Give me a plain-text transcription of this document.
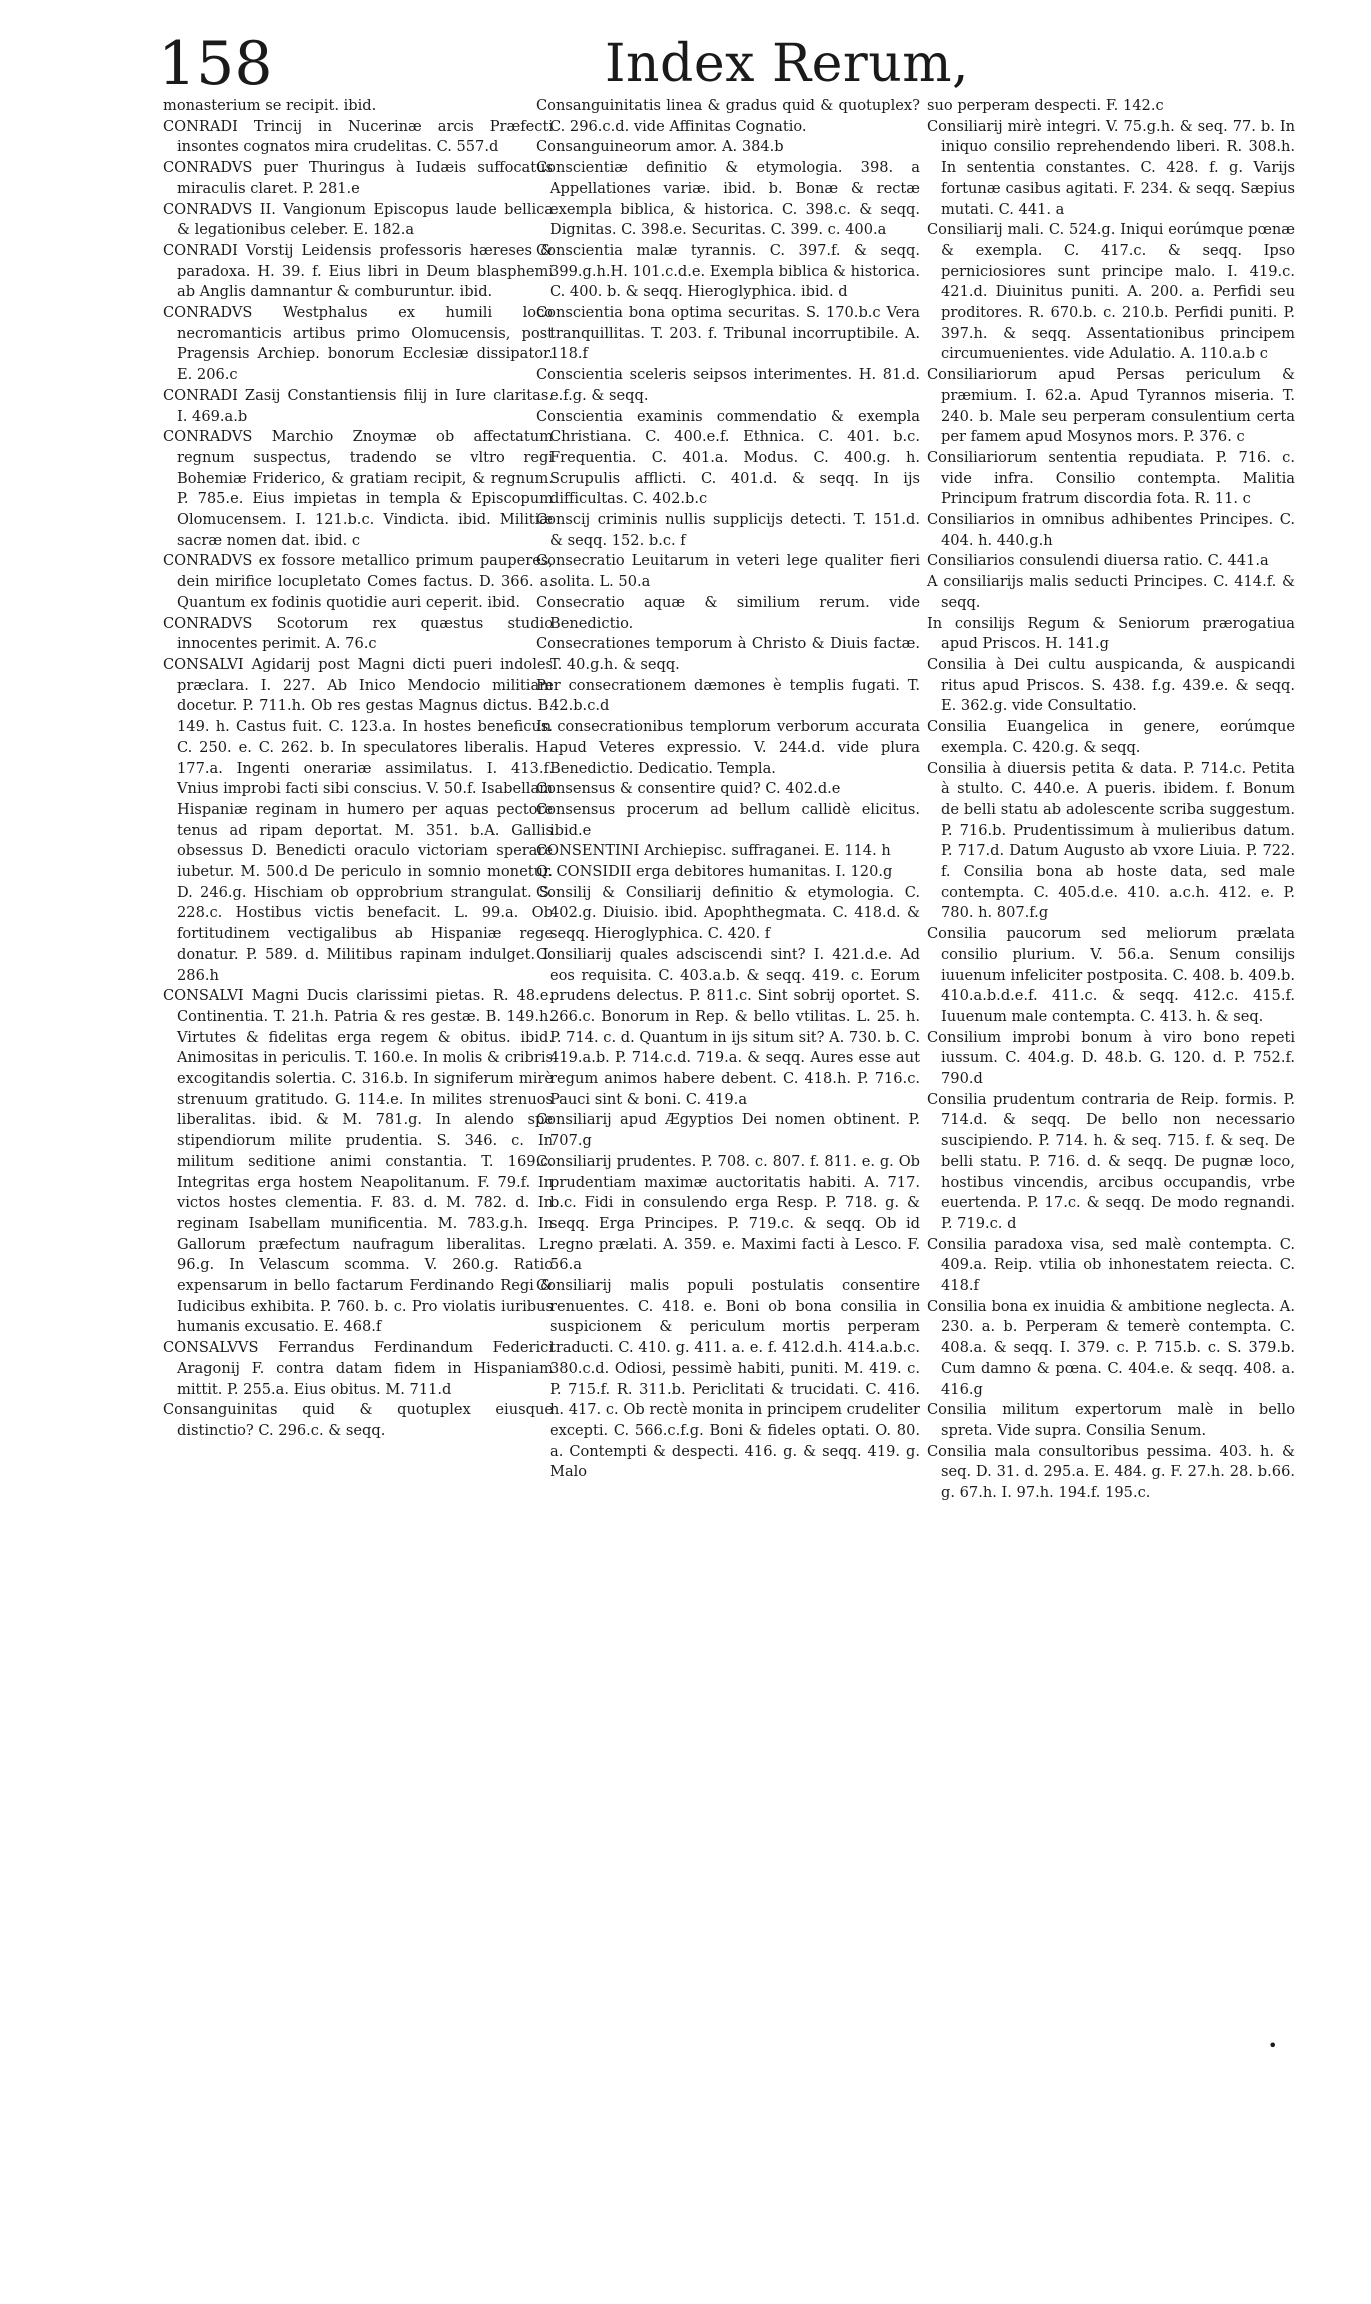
158	Index Rerum,

monasterium se recipit. ibid.

CONRADI Trincij in Nucerinæ arcis Præfecti insontes cognatos mira crudelitas. C. 557.d

CONRADVS puer Thuringus à Iudæis suffocatus miraculis claret. P. 281.e

CONRADVS II. Vangionum Episcopus laude bellica & legationibus celeber. E. 182.a

CONRADI Vorstij Leidensis professoris hæreses & paradoxa. H. 39. f. Eius libri in Deum blasphemi ab Anglis damnantur & comburuntur. ibid.

CONRADVS Westphalus ex humili loco necromanticis artibus primo Olomucensis, post Pragensis Archiep. bonorum Ecclesiæ dissipator. E. 206.c

CONRADI Zasij Constantiensis filij in Iure claritas. I. 469.a.b

CONRADVS Marchio Znoymæ ob affectatum regnum suspectus, tradendo se vltro regi Bohemiæ Friderico, & gratiam recipit, & regnum. P. 785.e. Eius impietas in templa & Episcopum Olomucensem. I. 121.b.c. Vindicta. ibid. Militiæ sacræ nomen dat. ibid. c

CONRADVS ex fossore metallico primum pauperes, dein mirifice locupletato Comes factus. D. 366. a. Quantum ex fodinis quotidie auri ceperit. ibid.

CONRADVS Scotorum rex quæstus studio innocentes perimit. A. 76.c

CONSALVI Agidarij post Magni dicti pueri indoles præclara. I. 227. Ab Inico Mendocio militiam docetur. P. 711.h. Ob res gestas Magnus dictus. B. 149. h. Castus fuit. C. 123.a. In hostes beneficus. C. 250. e. C. 262. b. In speculatores liberalis. H. 177.a. Ingenti onerariæ assimilatus. I. 413.f. Vnius improbi facti sibi conscius. V. 50.f. Isabellam Hispaniæ reginam in humero per aquas pectore tenus ad ripam deportat. M. 351. b.A. Gallis obsessus D. Benedicti oraculo victoriam sperare iubetur. M. 500.d De periculo in somnio monetur. D. 246.g. Hischiam ob opprobrium strangulat. S. 228.c. Hostibus victis benefacit. L. 99.a. Ob fortitudinem vectigalibus ab Hispaniæ rege donatur. P. 589. d. Militibus rapinam indulget. I. 286.h

CONSALVI Magni Ducis clarissimi pietas. R. 48.e. Continentia. T. 21.h. Patria & res gestæ. B. 149.h. Virtutes & fidelitas erga regem & obitus. ibid. Animositas in periculis. T. 160.e. In molis & cribris excogitandis solertia. C. 316.b. In signiferum mirè strenuum gratitudo. G. 114.e. In milites strenuos liberalitas. ibid. & M. 781.g. In alendo spe stipendiorum milite prudentia. S. 346. c. In militum seditione animi constantia. T. 169.c. Integritas erga hostem Neapolitanum. F. 79.f. In victos hostes clementia. F. 83. d. M. 782. d. In reginam Isabellam munificentia. M. 783.g.h. In Gallorum præfectum naufragum liberalitas. L. 96.g. In Velascum scomma. V. 260.g. Ratio expensarum in bello factarum Ferdinando Regi & Iudicibus exhibita. P. 760. b. c. Pro violatis iuribus humanis excusatio. E. 468.f

CONSALVVS Ferrandus Ferdinandum Federici Aragonij F. contra datam fidem in Hispaniam mittit. P. 255.a. Eius obitus. M. 711.d

Consanguinitas quid & quotuplex eiusque distinctio? C. 296.c. & seqq.

Consanguinitatis linea & gradus quid & quotuplex? C. 296.c.d. vide Affinitas Cognatio.

Consanguineorum amor. A. 384.b

Conscientiæ definitio & etymologia. 398. a Appellationes variæ. ibid. b. Bonæ & rectæ exempla biblica, & historica. C. 398.c. & seqq. Dignitas. C. 398.e. Securitas. C. 399. c. 400.a

Conscientia malæ tyrannis. C. 397.f. & seqq. 399.g.h.H. 101.c.d.e. Exempla biblica & historica. C. 400. b. & seqq. Hieroglyphica. ibid. d

Conscientia bona optima securitas. S. 170.b.c Vera tranquillitas. T. 203. f. Tribunal incorruptibile. A. 118.f

Conscientia sceleris seipsos interimentes. H. 81.d. e.f.g. & seqq.

Conscientia examinis commendatio & exempla Christiana. C. 400.e.f. Ethnica. C. 401. b.c. Frequentia. C. 401.a. Modus. C. 400.g. h. Scrupulis afflicti. C. 401.d. & seqq. In ijs difficultas. C. 402.b.c

Conscij criminis nullis supplicijs detecti. T. 151.d. & seqq. 152. b.c. f

Consecratio Leuitarum in veteri lege qualiter fieri solita. L. 50.a

Consecratio aquæ & similium rerum. vide Benedictio.

Consecrationes temporum à Christo & Diuis factæ. T. 40.g.h. & seqq.

Per consecrationem dæmones è templis fugati. T. 42.b.c.d

In consecrationibus templorum verborum accurata apud Veteres expressio. V. 244.d. vide plura Benedictio. Dedicatio. Templa.

Consensus & consentire quid? C. 402.d.e

Consensus procerum ad bellum callidè elicitus. ibid.e

CONSENTINI Archiepisc. suffraganei. E. 114. h

Q. CONSIDII erga debitores humanitas. I. 120.g

Consilij & Consiliarij definitio & etymologia. C. 402.g. Diuisio. ibid. Apophthegmata. C. 418.d. & seqq. Hieroglyphica. C. 420. f

Consiliarij quales adsciscendi sint? I. 421.d.e. Ad eos requisita. C. 403.a.b. & seqq. 419. c. Eorum prudens delectus. P. 811.c. Sint sobrij oportet. S. 266.c. Bonorum in Rep. & bello vtilitas. L. 25. h. P. 714. c. d. Quantum in ijs situm sit? A. 730. b. C. 419.a.b. P. 714.c.d. 719.a. & seqq. Aures esse aut regum animos habere debent. C. 418.h. P. 716.c. Pauci sint & boni. C. 419.a

Consiliarij apud Ægyptios Dei nomen obtinent. P. 707.g

Consiliarij prudentes. P. 708. c. 807. f. 811. e. g. Ob prudentiam maximæ auctoritatis habiti. A. 717. b.c. Fidi in consulendo erga Resp. P. 718. g. & seqq. Erga Principes. P. 719.c. & seqq. Ob id regno prælati. A. 359. e. Maximi facti à Lesco. F. 56.a

Consiliarij malis populi postulatis consentire renuentes. C. 418. e. Boni ob bona consilia in suspicionem & periculum mortis perperam traducti. C. 410. g. 411. a. e. f. 412.d.h. 414.a.b.c. 380.c.d. Odiosi, pessimè habiti, puniti. M. 419. c. P. 715.f. R. 311.b. Periclitati & trucidati. C. 416. h. 417. c. Ob rectè monita in principem crudeliter excepti. C. 566.c.f.g. Boni & fideles optati. O. 80. a. Contempti & despecti. 416. g. & seqq. 419. g. Malo

suo perperam despecti. F. 142.c

Consiliarij mirè integri. V. 75.g.h. & seq. 77. b. In iniquo consilio reprehendendo liberi. R. 308.h. In sententia constantes. C. 428. f. g. Varijs fortunæ casibus agitati. F. 234. & seqq. Sæpius mutati. C. 441. a

Consiliarij mali. C. 524.g. Iniqui eorúmque pœnæ & exempla. C. 417.c. & seqq. Ipso perniciosiores sunt principe malo. I. 419.c. 421.d. Diuinitus puniti. A. 200. a. Perfidi seu proditores. R. 670.b. c. 210.b. Perfidi puniti. P. 397.h. & seqq. Assentationibus principem circumuenientes. vide Adulatio. A. 110.a.b c

Consiliariorum apud Persas periculum & præmium. I. 62.a. Apud Tyrannos miseria. T. 240. b. Male seu perperam consulentium certa per famem apud Mosynos mors. P. 376. c

Consiliariorum sententia repudiata. P. 716. c. vide infra. Consilio contempta. Malitia Principum fratrum discordia fota. R. 11. c

Consiliarios in omnibus adhibentes Principes. C. 404. h. 440.g.h

Consiliarios consulendi diuersa ratio. C. 441.a

A consiliarijs malis seducti Principes. C. 414.f. & seqq.

In consilijs Regum & Seniorum prærogatiua apud Priscos. H. 141.g

Consilia à Dei cultu auspicanda, & auspicandi ritus apud Priscos. S. 438. f.g. 439.e. & seqq. E. 362.g. vide Consultatio.

Consilia Euangelica in genere, eorúmque exempla. C. 420.g. & seqq.

Consilia à diuersis petita & data. P. 714.c. Petita à stulto. C. 440.e. A pueris. ibidem. f. Bonum de belli statu ab adolescente scriba suggestum. P. 716.b. Prudentissimum à mulieribus datum. P. 717.d. Datum Augusto ab vxore Liuia. P. 722. f. Consilia bona ab hoste data, sed male contempta. C. 405.d.e. 410. a.c.h. 412. e. P. 780. h. 807.f.g

Consilia paucorum sed meliorum prælata consilio plurium. V. 56.a. Senum consilijs iuuenum infeliciter postposita. C. 408. b. 409.b. 410.a.b.d.e.f. 411.c. & seqq. 412.c. 415.f. Iuuenum male contempta. C. 413. h. & seq.

Consilium improbi bonum à viro bono repeti iussum. C. 404.g. D. 48.b. G. 120. d. P. 752.f. 790.d

Consilia prudentum contraria de Reip. formis. P. 714.d. & seqq. De bello non necessario suscipiendo. P. 714. h. & seq. 715. f. & seq. De belli statu. P. 716. d. & seqq. De pugnæ loco, hostibus vincendis, arcibus occupandis, vrbe euertenda. P. 17.c. & seqq. De modo regnandi. P. 719.c. d

Consilia paradoxa visa, sed malè contempta. C. 409.a. Reip. vtilia ob inhonestatem reiecta. C. 418.f

Consilia bona ex inuidia & ambitione neglecta. A. 230. a. b. Perperam & temerè contempta. C. 408.a. & seqq. I. 379. c. P. 715.b. c. S. 379.b. Cum damno & pœna. C. 404.e. & seqq. 408. a. 416.g

Consilia militum expertorum malè in bello spreta. Vide supra. Consilia Senum.

Consilia mala consultoribus pessima. 403. h. & seq. D. 31. d. 295.a. E. 484. g. F. 27.h. 28. b.66. g. 67.h. I. 97.h. 194.f. 195.c.

•
